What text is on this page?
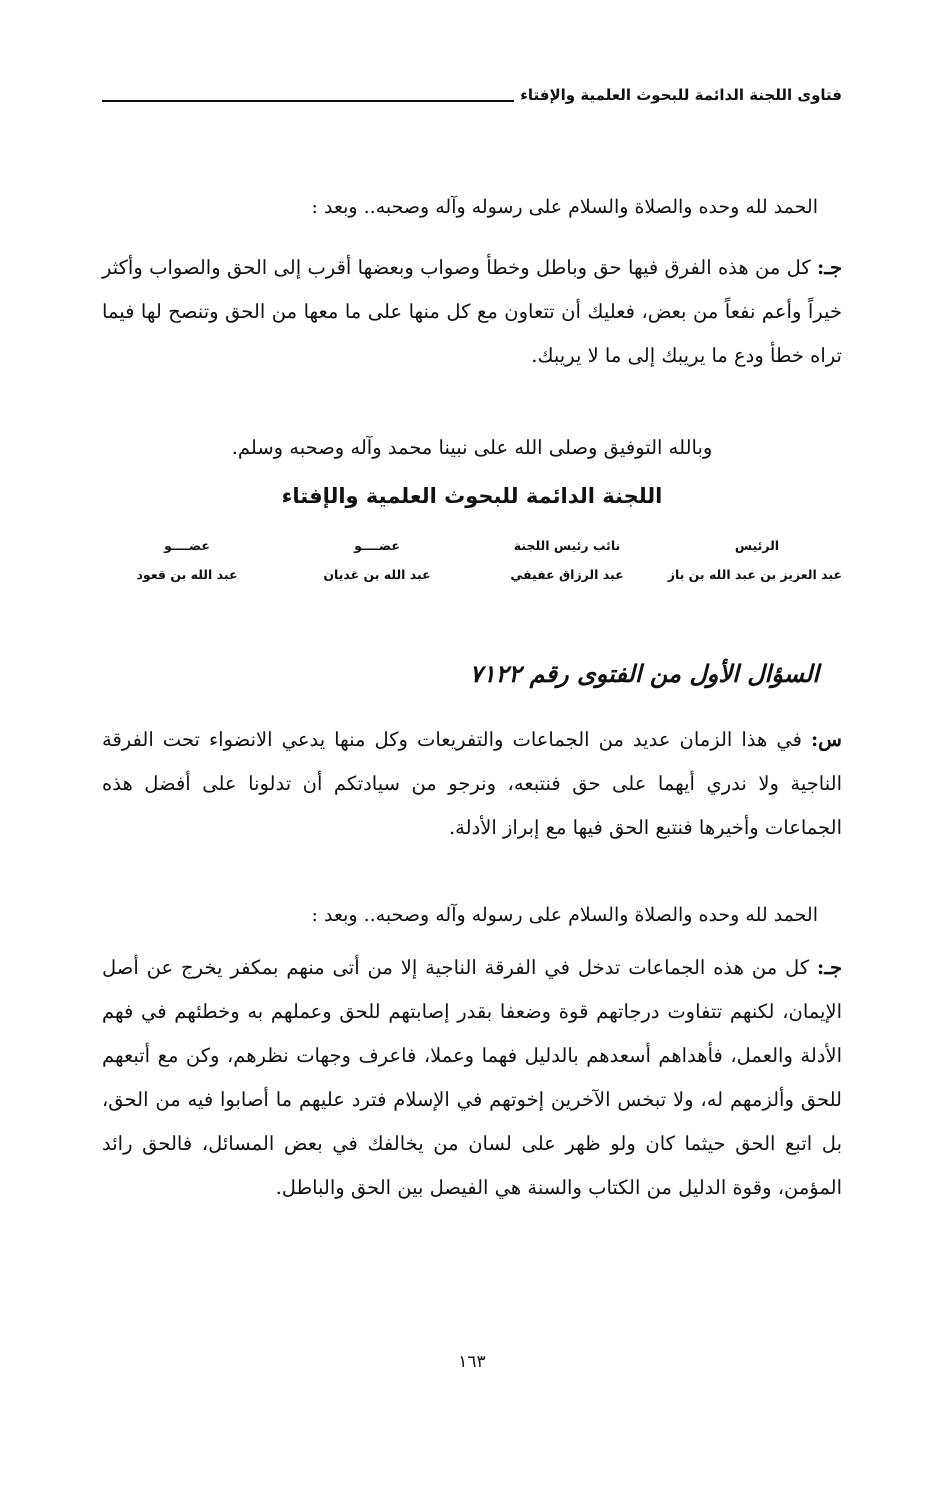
فتاوى اللجنة الدائمة للبحوث العلمية والإفتاء
الحمد لله وحده والصلاة والسلام على رسوله وآله وصحبه.. وبعد :

جـ: كل من هذه الفرق فيها حق وباطل وخطأ وصواب وبعضها أقرب إلى الحق والصواب وأكثر خيراً وأعم نفعاً من بعض، فعليك أن تتعاون مع كل منها على ما معها من الحق وتنصح لها فيما تراه خطأ ودع ما يريبك إلى ما لا يريبك.

وبالله التوفيق وصلى الله على نبينا محمد وآله وصحبه وسلم.
اللجنة الدائمة للبحوث العلمية والإفتاء
الرئيس
عبد العزيز بن عبد الله بن باز
نائب رئيس اللجنة
عبد الرزاق عفيفي
عضــــو
عبد الله بن غديان
عضــــو
عبد الله بن قعود
السؤال الأول من الفتوى رقم ٧١٢٢

س: في هذا الزمان عديد من الجماعات والتفريعات وكل منها يدعي الانضواء تحت الفرقة الناجية ولا ندري أيهما على حق فنتبعه، ونرجو من سيادتكم أن تدلونا على أفضل هذه الجماعات وأخيرها فنتبع الحق فيها مع إبراز الأدلة.

الحمد لله وحده والصلاة والسلام على رسوله وآله وصحبه.. وبعد :

جـ: كل من هذه الجماعات تدخل في الفرقة الناجية إلا من أتى منهم بمكفر يخرج عن أصل الإيمان، لكنهم تتفاوت درجاتهم قوة وضعفا بقدر إصابتهم للحق وعملهم به وخطئهم في فهم الأدلة والعمل، فأهداهم أسعدهم بالدليل فهما وعملا، فاعرف وجهات نظرهم، وكن مع أتبعهم للحق وألزمهم له، ولا تبخس الآخرين إخوتهم في الإسلام فترد عليهم ما أصابوا فيه من الحق، بل اتبع الحق حيثما كان ولو ظهر على لسان من يخالفك في بعض المسائل، فالحق رائد المؤمن، وقوة الدليل من الكتاب والسنة هي الفيصل بين الحق والباطل.

١٦٣
